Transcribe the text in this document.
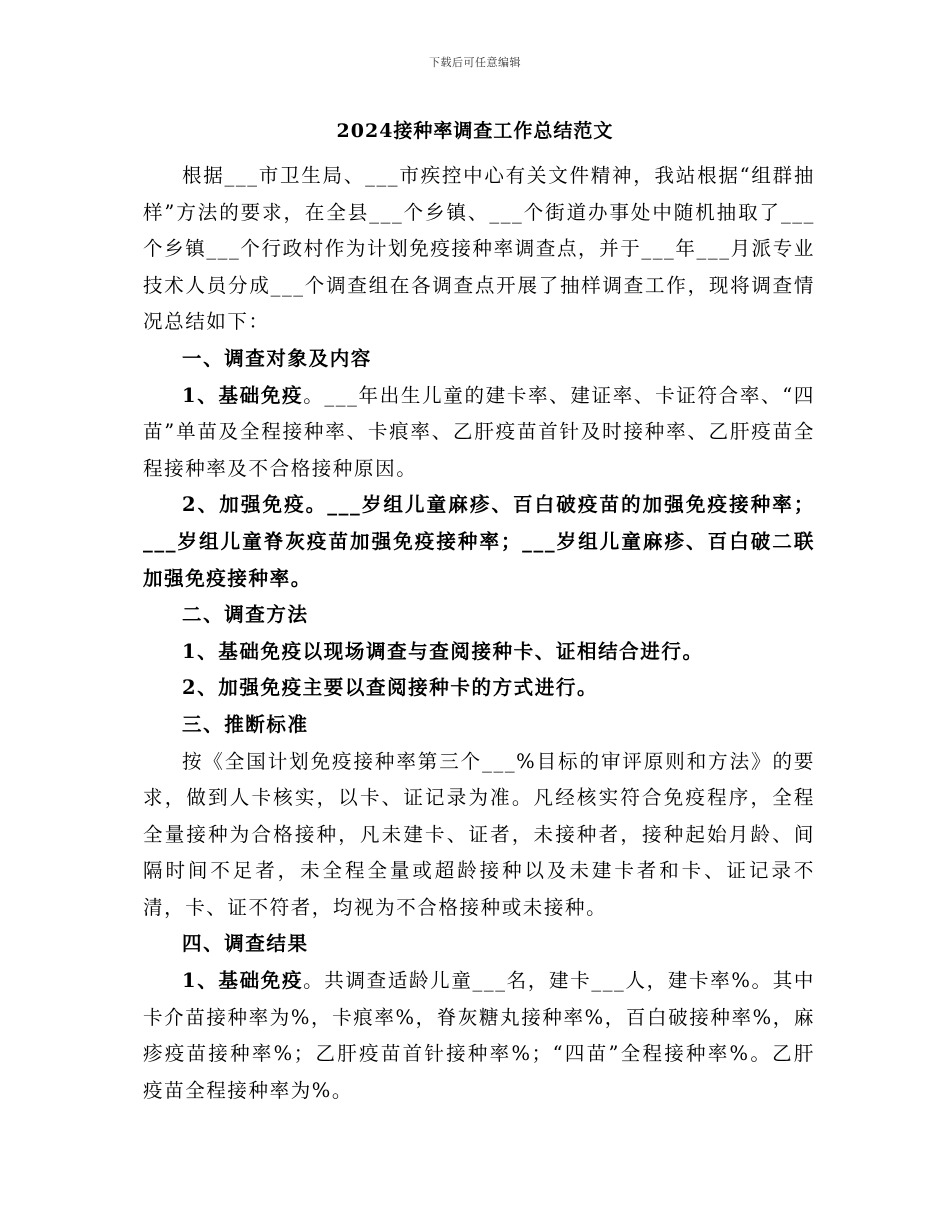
下载后可任意编辑
2024接种率调查工作总结范文

根据___市卫生局、___市疾控中心有关文件精神，我站根据“组群抽样”方法的要求，在全县___个乡镇、___个街道办事处中随机抽取了___个乡镇___个行政村作为计划免疫接种率调查点，并于___年___月派专业技术人员分成___个调查组在各调查点开展了抽样调查工作，现将调查情况总结如下：

一、调查对象及内容

1、基础免疫。___年出生儿童的建卡率、建证率、卡证符合率、“四苗”单苗及全程接种率、卡痕率、乙肝疫苗首针及时接种率、乙肝疫苗全程接种率及不合格接种原因。

2、加强免疫。___岁组儿童麻疹、百白破疫苗的加强免疫接种率；___岁组儿童脊灰疫苗加强免疫接种率；___岁组儿童麻疹、百白破二联加强免疫接种率。

二、调查方法

1、基础免疫以现场调查与查阅接种卡、证相结合进行。

2、加强免疫主要以查阅接种卡的方式进行。

三、推断标准

按《全国计划免疫接种率第三个___%目标的审评原则和方法》的要求，做到人卡核实，以卡、证记录为准。凡经核实符合免疫程序，全程全量接种为合格接种，凡未建卡、证者，未接种者，接种起始月龄、间隔时间不足者，未全程全量或超龄接种以及未建卡者和卡、证记录不清，卡、证不符者，均视为不合格接种或未接种。

四、调查结果

1、基础免疫。共调查适龄儿童___名，建卡___人，建卡率%。其中卡介苗接种率为%，卡痕率%，脊灰糖丸接种率%，百白破接种率%，麻疹疫苗接种率%；乙肝疫苗首针接种率%；“四苗”全程接种率%。乙肝疫苗全程接种率为%。
